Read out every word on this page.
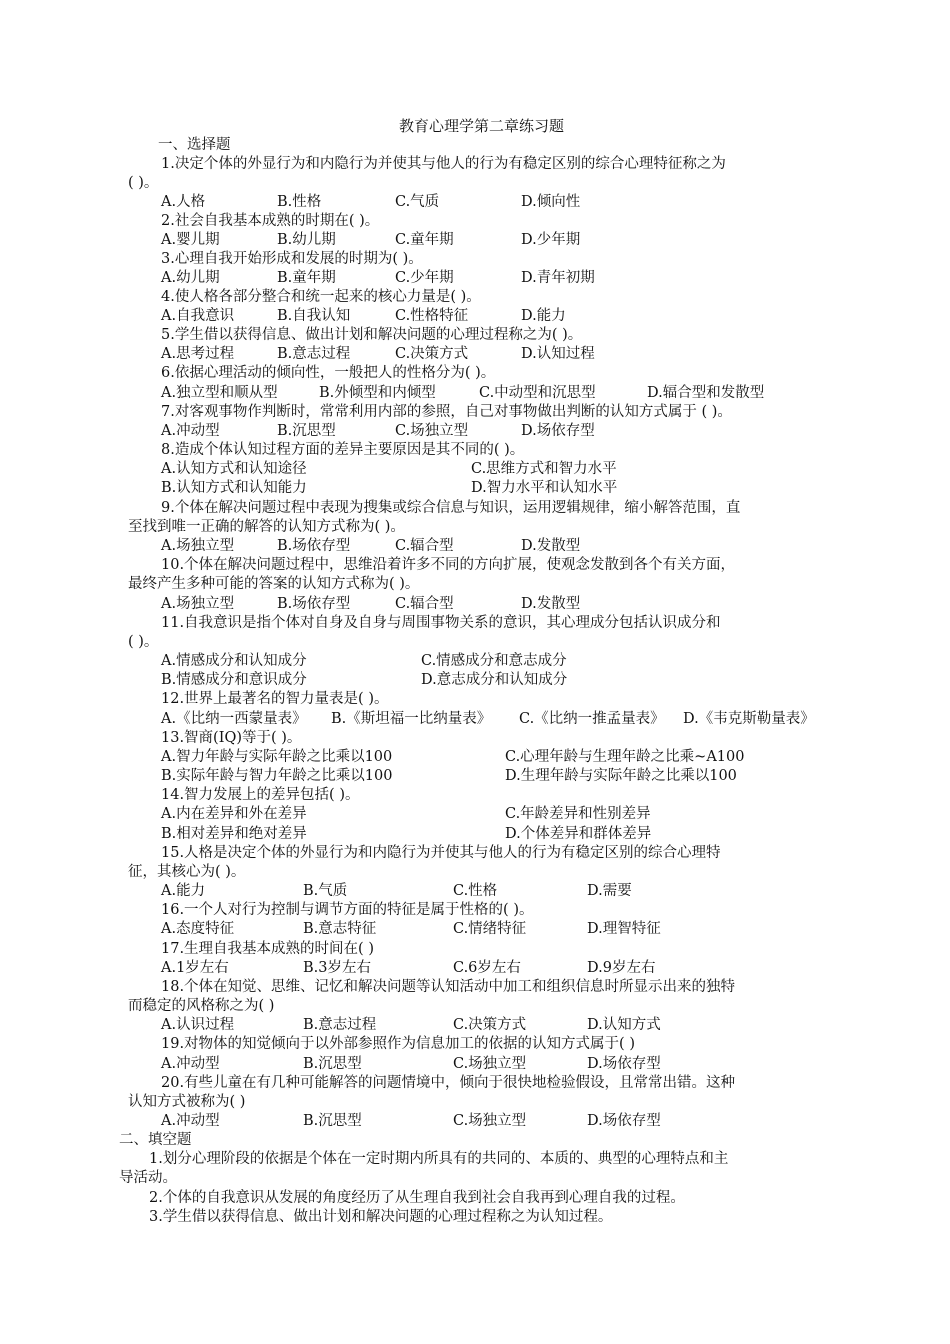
教育心理学第二章练习题
一、选择题
1.决定个体的外显行为和内隐行为并使其与他人的行为有稳定区别的综合心理特征称之为
( )。
A.人格	B.性格	C.气质	D.倾向性
2.社会自我基本成熟的时期在( )。
A.婴儿期	B.幼儿期	C.童年期	D.少年期
3.心理自我开始形成和发展的时期为( )。
A.幼儿期	B.童年期	C.少年期	D.青年初期
4.使人格各部分整合和统一起来的核心力量是( )。
A.自我意识	B.自我认知	C.性格特征	D.能力
5.学生借以获得信息、做出计划和解决问题的心理过程称之为( )。
A.思考过程	B.意志过程	C.决策方式	D.认知过程
6.依据心理活动的倾向性，一般把人的性格分为( )。
A.独立型和顺从型	B.外倾型和内倾型	C.中动型和沉思型	D.辐合型和发散型
7.对客观事物作判断时，常常利用内部的参照，自己对事物做出判断的认知方式属于 ( )。
A.冲动型	B.沉思型	C.场独立型	D.场依存型
8.造成个体认知过程方面的差异主要原因是其不同的( )。
A.认知方式和认知途径	C.思维方式和智力水平
B.认知方式和认知能力	D.智力水平和认知水平
9.个体在解决问题过程中表现为搜集或综合信息与知识，运用逻辑规律，缩小解答范围，直
至找到唯一正确的解答的认知方式称为( )。
A.场独立型	B.场依存型	C.辐合型	D.发散型
10.个体在解决问题过程中，思维沿着许多不同的方向扩展，使观念发散到各个有关方面，
最终产生多种可能的答案的认知方式称为( )。
A.场独立型	B.场依存型	C.辐合型	D.发散型
11.自我意识是指个体对自身及自身与周围事物关系的意识，其心理成分包括认识成分和
( )。
A.情感成分和认知成分	C.情感成分和意志成分
B.情感成分和意识成分	D.意志成分和认知成分
12.世界上最著名的智力量表是( )。
A.《比纳一西蒙量表》 B.《斯坦福一比纳量表》 C.《比纳一推孟量表》 D.《韦克斯勒量表》
13.智商(IQ)等于( )。
A.智力年龄与实际年龄之比乘以100	C.心理年龄与生理年龄之比乘~A100
B.实际年龄与智力年龄之比乘以100	D.生理年龄与实际年龄之比乘以100
14.智力发展上的差异包括( )。
A.内在差异和外在差异	C.年龄差异和性别差异
B.相对差异和绝对差异	D.个体差异和群体差异
15.人格是决定个体的外显行为和内隐行为并使其与他人的行为有稳定区别的综合心理特
征，其核心为( )。
A.能力	B.气质	C.性格	D.需要
16.一个人对行为控制与调节方面的特征是属于性格的( )。
A.态度特征	B.意志特征	C.情绪特征	D.理智特征
17.生理自我基本成熟的时间在( )
A.1岁左右	B.3岁左右	C.6岁左右	D.9岁左右
18.个体在知觉、思维、记忆和解决问题等认知活动中加工和组织信息时所显示出来的独特
而稳定的风格称之为( )
A.认识过程	B.意志过程	C.决策方式	D.认知方式
19.对物体的知觉倾向于以外部参照作为信息加工的依据的认知方式属于( )
A.冲动型	B.沉思型	C.场独立型	D.场依存型
20.有些儿童在有几种可能解答的问题情境中，倾向于很快地检验假设，且常常出错。这种
认知方式被称为( )
A.冲动型	B.沉思型	C.场独立型	D.场依存型
二、填空题
1.划分心理阶段的依据是个体在一定时期内所具有的共同的、本质的、典型的心理特点和主
导活动。
2.个体的自我意识从发展的角度经历了从生理自我到社会自我再到心理自我的过程。
3.学生借以获得信息、做出计划和解决问题的心理过程称之为认知过程。
